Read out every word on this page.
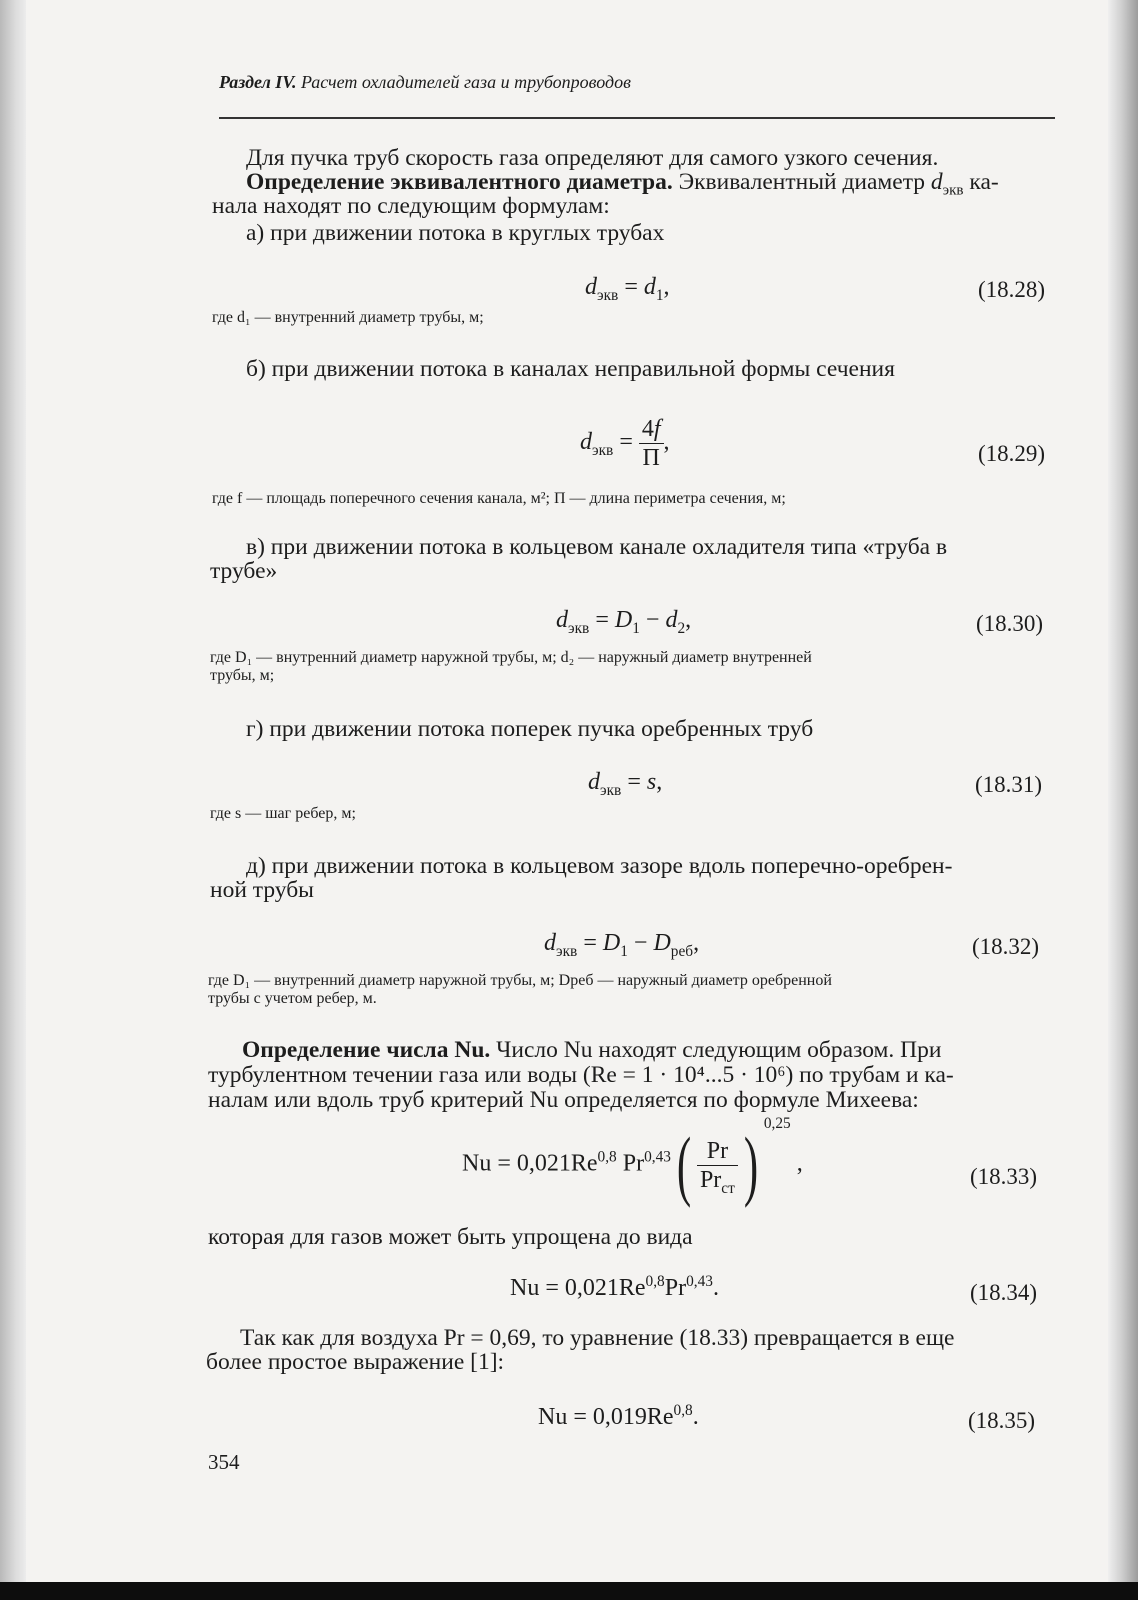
Раздел IV. Расчет охладителей газа и трубопроводов
Для пучка труб скорость газа определяют для самого узкого сечения.
Определение эквивалентного диаметра. Эквивалентный диаметр $d_{экв}$ ка-
нала находят по следующим формулам:
а) при движении потока в круглых трубах
$d_{экв} = d_1$,	(18.28)
где d₁ — внутренний диаметр трубы, м;
б) при движении потока в каналах неправильной формы сечения
$d_{экв} = \frac{4f}{П}$ ,	(18.29)
где f — площадь поперечного сечения канала, м²; П — длина периметра сечения, м;
в) при движении потока в кольцевом канале охладителя типа «труба в
трубе»
$d_{экв} = D_1 - d_2$,	(18.30)
где D₁ — внутренний диаметр наружной трубы, м; d₂ — наружный диаметр внутренней
трубы, м;
г) при движении потока поперек пучка оребренных труб
$d_{экв} = s$,	(18.31)
где s — шаг ребер, м;
д) при движении потока в кольцевом зазоре вдоль поперечно-оребрен-
ной трубы
$d_{экв} = D_1 - D_{реб}$,	(18.32)
где D₁ — внутренний диаметр наружной трубы, м; Dреб — наружный диаметр оребренной
трубы с учетом ребер, м.
Определение числа Nu. Число Nu находят следующим образом. При
турбулентном течении газа или воды (Re = 1 · 10⁴...5 · 10⁶) по трубам и ка-
налам или вдоль труб критерий Nu определяется по формуле Михеева:
Nu = 0,021Re$^{0,8}$ $Pr^{0,43}( \frac{Pr}{Pr_{ст}}$ ) $^{0,25}$ ,	(18.33)
которая для газов может быть упрощена до вида
Nu = 0,021Re$^{0,8}$Pr$^{0,43}$.	(18.34)
Так как для воздуха Pr = 0,69, то уравнение (18.33) превращается в еще
более простое выражение [1]:
Nu = 0,019Re$^{0,8}$.	(18.35)
354
